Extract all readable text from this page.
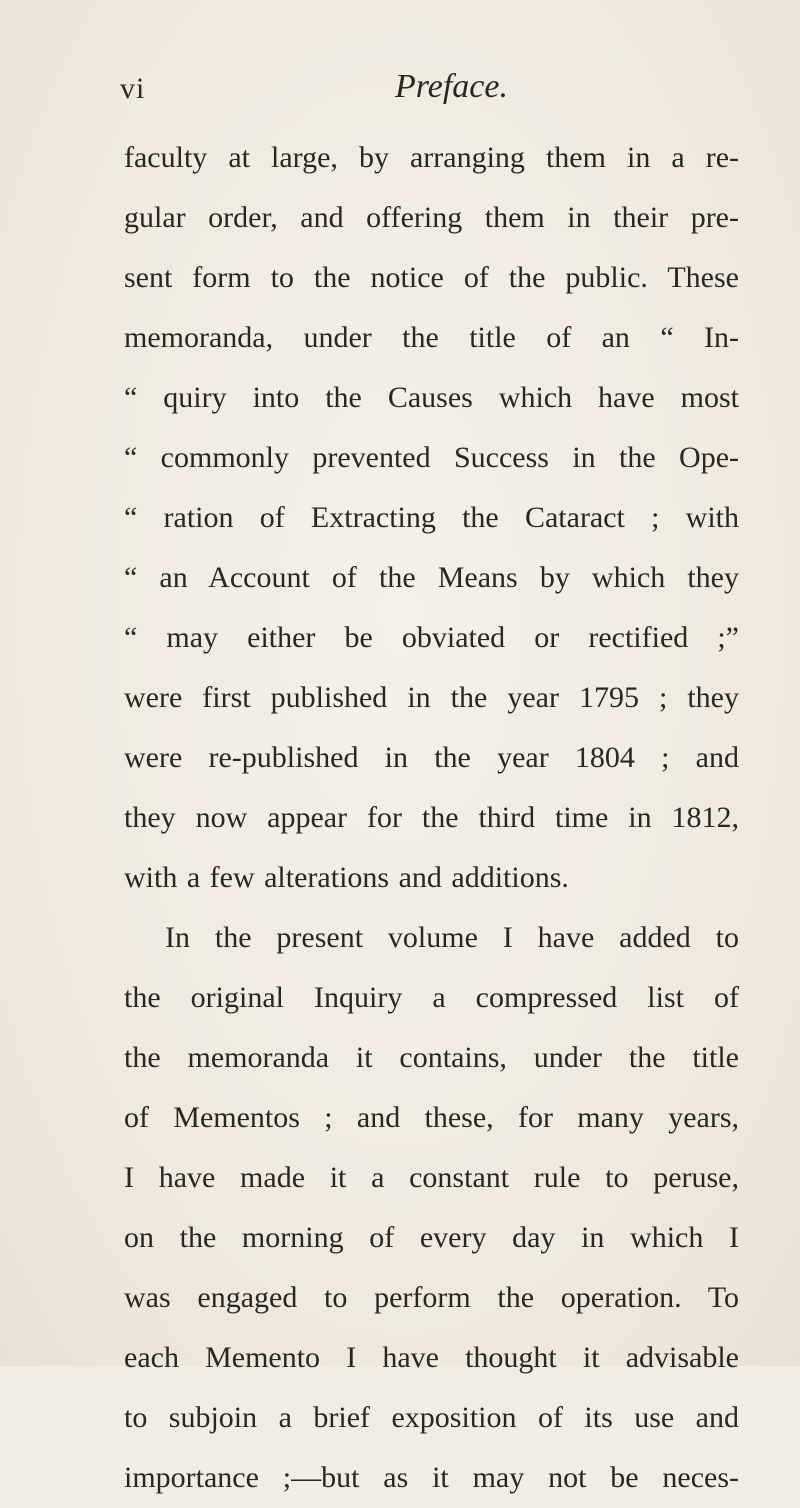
vi	Preface.
faculty at large, by arranging them in a re-
gular order, and offering them in their pre-
sent form to the notice of the public. These
memoranda, under the title of an “ In-
“ quiry into the Causes which have most
“ commonly prevented Success in the Ope-
“ ration of Extracting the Cataract ; with
“ an Account of the Means by which they
“ may either be obviated or rectified ;”
were first published in the year 1795 ; they
were re-published in the year 1804 ; and
they now appear for the third time in 1812,
with a few alterations and additions.
In the present volume I have added to
the original Inquiry a compressed list of
the memoranda it contains, under the title
of Mementos ; and these, for many years,
I have made it a constant rule to peruse,
on the morning of every day in which I
was engaged to perform the operation. To
each Memento I have thought it advisable
to subjoin a brief exposition of its use and
importance ;—but as it may not be neces-
